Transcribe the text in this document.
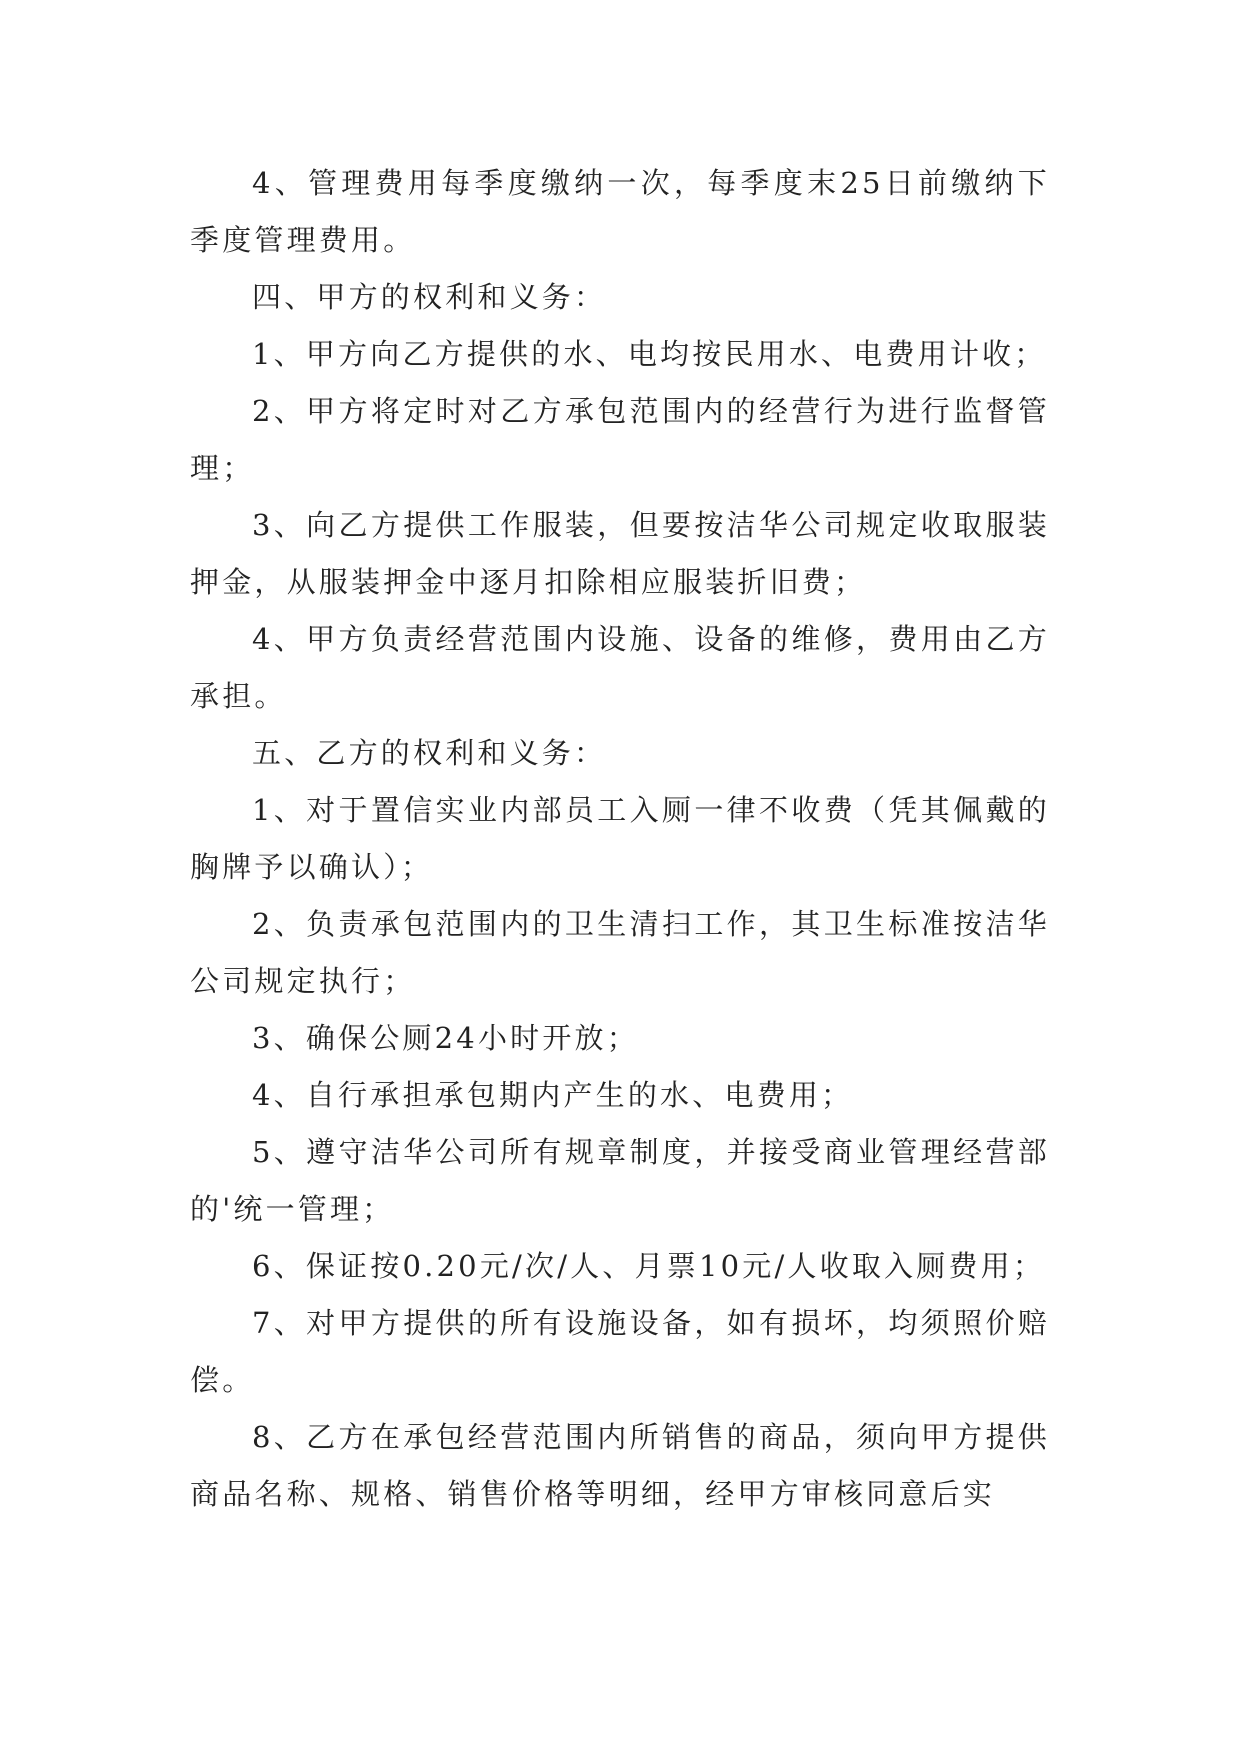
4、管理费用每季度缴纳一次，每季度末25日前缴纳下季度管理费用。

四、甲方的权利和义务：

1、甲方向乙方提供的水、电均按民用水、电费用计收；

2、甲方将定时对乙方承包范围内的经营行为进行监督管理；

3、向乙方提供工作服装，但要按洁华公司规定收取服装押金，从服装押金中逐月扣除相应服装折旧费；

4、甲方负责经营范围内设施、设备的维修，费用由乙方承担。

五、乙方的权利和义务：

1、对于置信实业内部员工入厕一律不收费（凭其佩戴的胸牌予以确认）；

2、负责承包范围内的卫生清扫工作，其卫生标准按洁华公司规定执行；

3、确保公厕24小时开放；

4、自行承担承包期内产生的水、电费用；

5、遵守洁华公司所有规章制度，并接受商业管理经营部的'统一管理；

6、保证按0.20元/次/人、月票10元/人收取入厕费用；

7、对甲方提供的所有设施设备，如有损坏，均须照价赔偿。

8、乙方在承包经营范围内所销售的商品，须向甲方提供商品名称、规格、销售价格等明细，经甲方审核同意后实
